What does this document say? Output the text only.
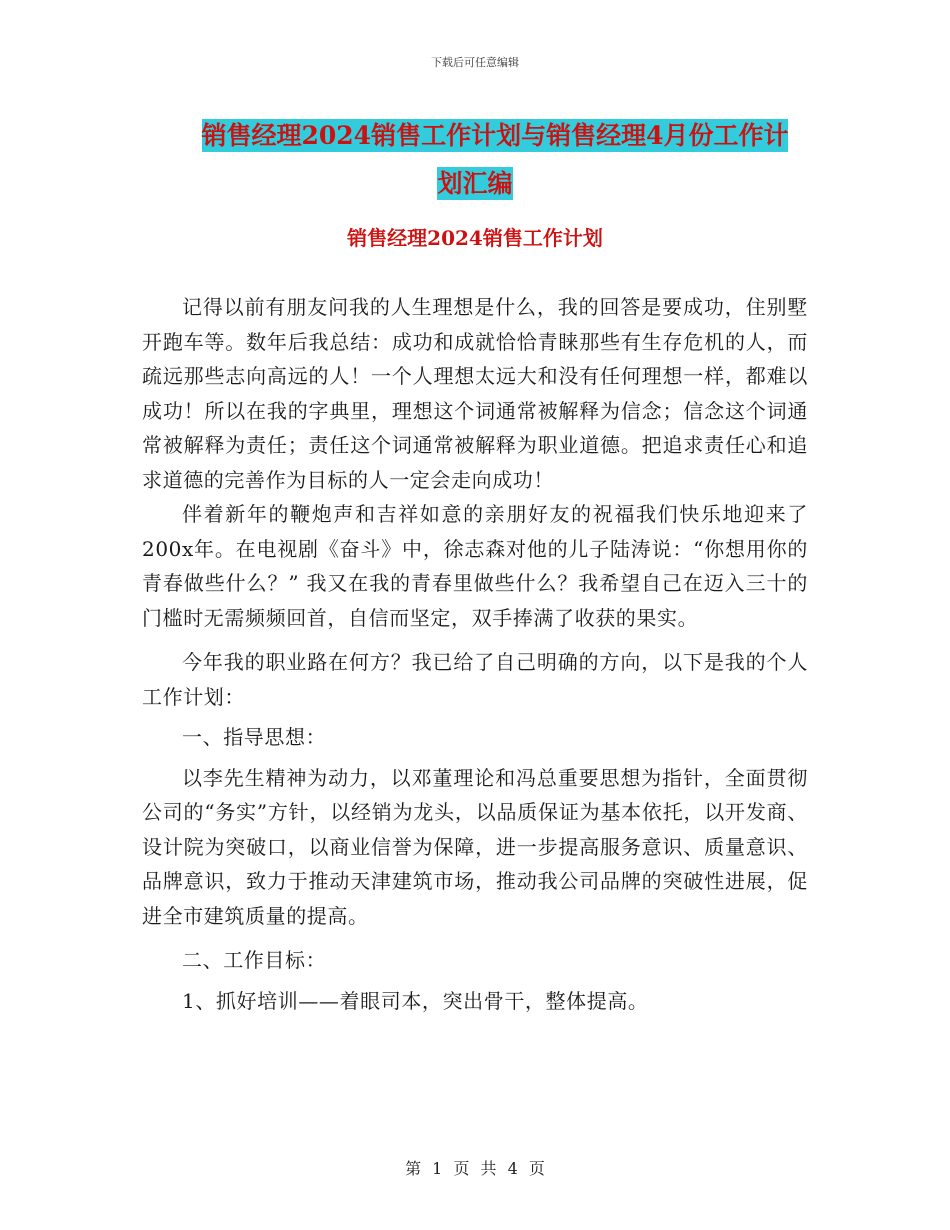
下载后可任意编辑
销售经理2024销售工作计划与销售经理4月份工作计
划汇编
销售经理2024销售工作计划

记得以前有朋友问我的人生理想是什么，我的回答是要成功，住别墅开跑车等。数年后我总结：成功和成就恰恰青睐那些有生存危机的人，而疏远那些志向高远的人！一个人理想太远大和没有任何理想一样，都难以成功！所以在我的字典里，理想这个词通常被解释为信念；信念这个词通常被解释为责任；责任这个词通常被解释为职业道德。把追求责任心和追求道德的完善作为目标的人一定会走向成功！

伴着新年的鞭炮声和吉祥如意的亲朋好友的祝福我们快乐地迎来了200x年。在电视剧《奋斗》中，徐志森对他的儿子陆涛说：“你想用你的青春做些什么？” 我又在我的青春里做些什么？我希望自己在迈入三十的门槛时无需频频回首，自信而坚定，双手捧满了收获的果实。

今年我的职业路在何方？我已给了自己明确的方向，以下是我的个人工作计划：

一、指导思想：

以李先生精神为动力，以邓董理论和冯总重要思想为指针，全面贯彻公司的“务实”方针，以经销为龙头，以品质保证为基本依托，以开发商、设计院为突破口，以商业信誉为保障，进一步提高服务意识、质量意识、品牌意识，致力于推动天津建筑市场，推动我公司品牌的突破性进展，促进全市建筑质量的提高。

二、工作目标：

1、抓好培训——着眼司本，突出骨干，整体提高。

第 1 页 共 4 页
